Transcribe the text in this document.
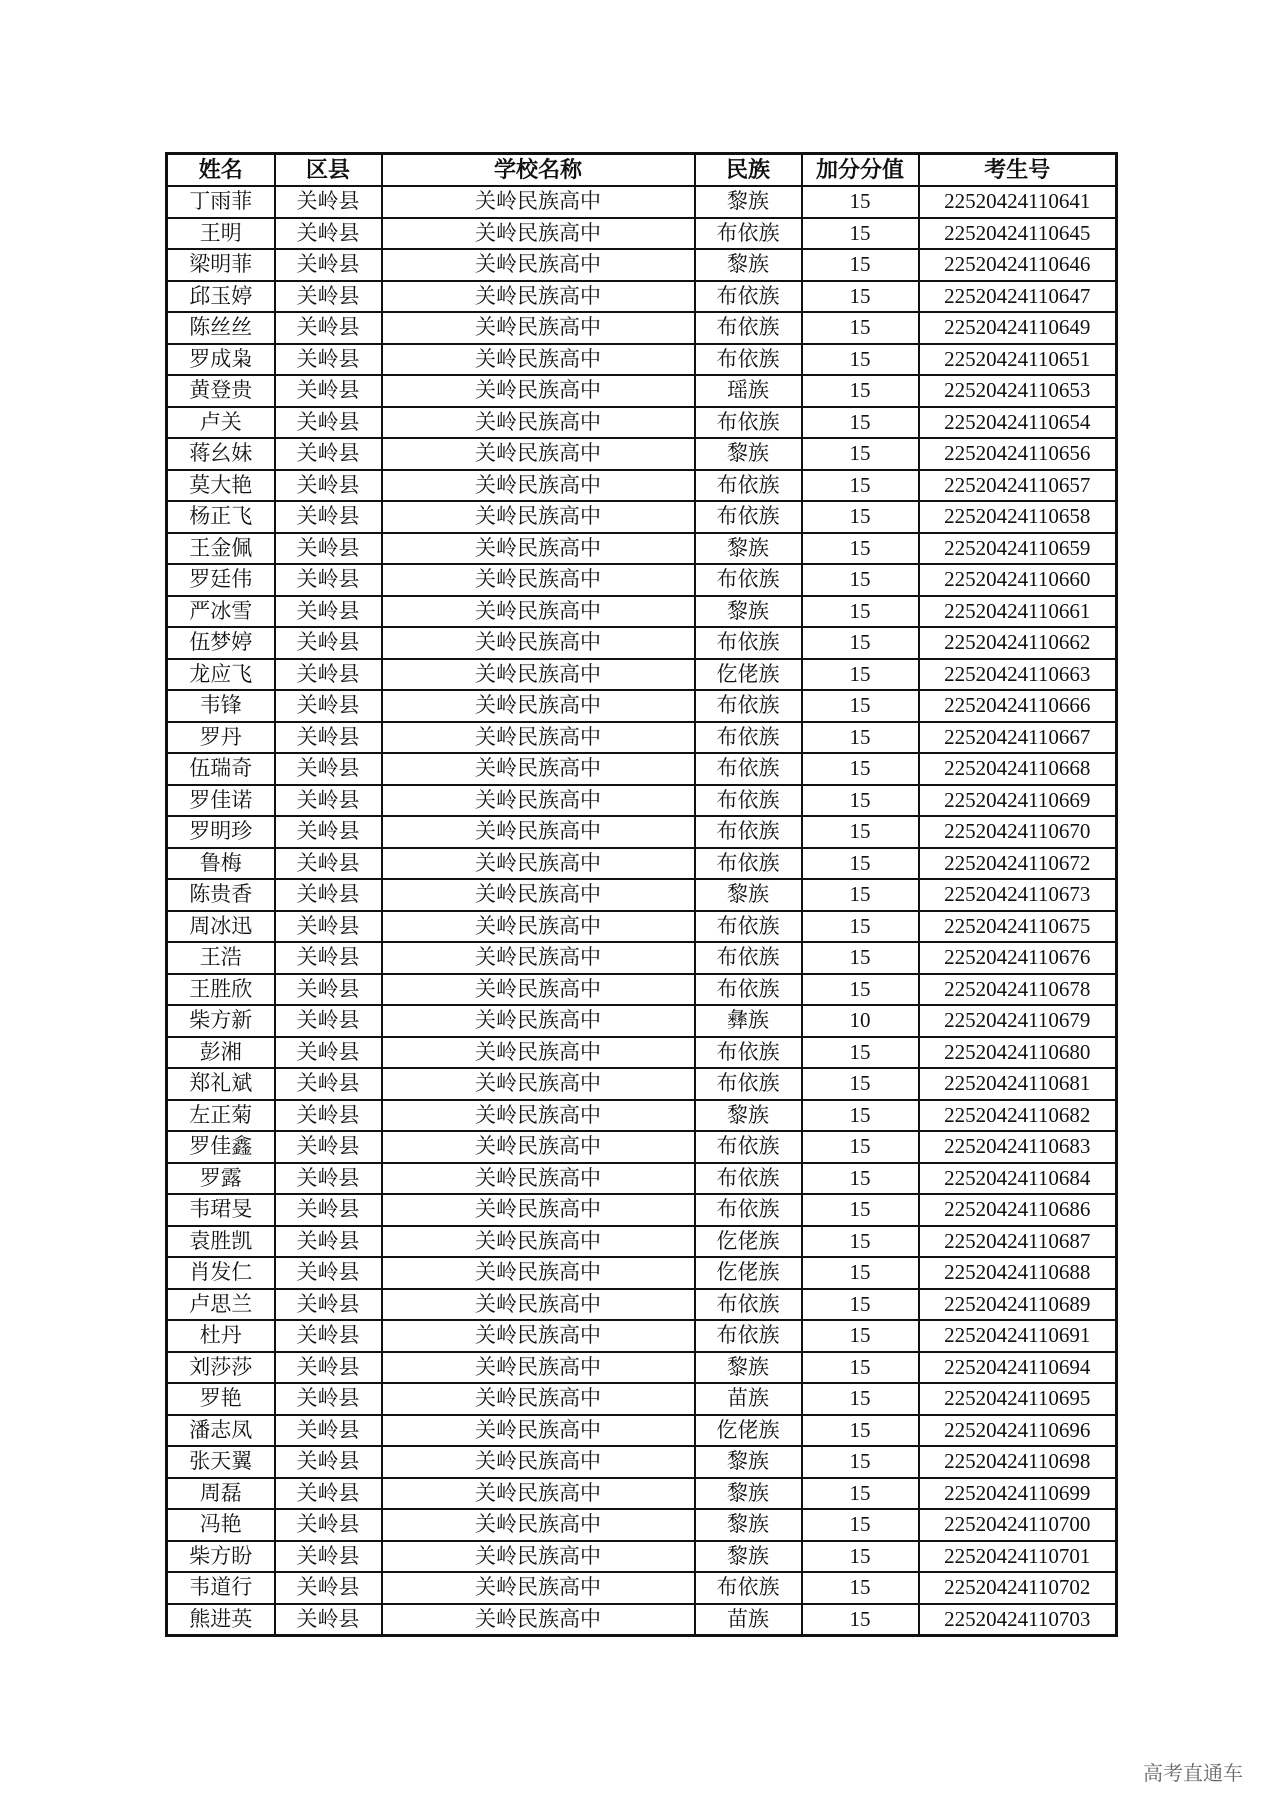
姓名	区县	学校名称	民族	加分分值	考生号
丁雨菲	关岭县	关岭民族高中	黎族	15	22520424110641
王明	关岭县	关岭民族高中	布依族	15	22520424110645
梁明菲	关岭县	关岭民族高中	黎族	15	22520424110646
邱玉婷	关岭县	关岭民族高中	布依族	15	22520424110647
陈丝丝	关岭县	关岭民族高中	布依族	15	22520424110649
罗成枭	关岭县	关岭民族高中	布依族	15	22520424110651
黄登贵	关岭县	关岭民族高中	瑶族	15	22520424110653
卢关	关岭县	关岭民族高中	布依族	15	22520424110654
蒋幺妹	关岭县	关岭民族高中	黎族	15	22520424110656
莫大艳	关岭县	关岭民族高中	布依族	15	22520424110657
杨正飞	关岭县	关岭民族高中	布依族	15	22520424110658
王金佩	关岭县	关岭民族高中	黎族	15	22520424110659
罗廷伟	关岭县	关岭民族高中	布依族	15	22520424110660
严冰雪	关岭县	关岭民族高中	黎族	15	22520424110661
伍梦婷	关岭县	关岭民族高中	布依族	15	22520424110662
龙应飞	关岭县	关岭民族高中	仡佬族	15	22520424110663
韦锋	关岭县	关岭民族高中	布依族	15	22520424110666
罗丹	关岭县	关岭民族高中	布依族	15	22520424110667
伍瑞奇	关岭县	关岭民族高中	布依族	15	22520424110668
罗佳诺	关岭县	关岭民族高中	布依族	15	22520424110669
罗明珍	关岭县	关岭民族高中	布依族	15	22520424110670
鲁梅	关岭县	关岭民族高中	布依族	15	22520424110672
陈贵香	关岭县	关岭民族高中	黎族	15	22520424110673
周冰迅	关岭县	关岭民族高中	布依族	15	22520424110675
王浩	关岭县	关岭民族高中	布依族	15	22520424110676
王胜欣	关岭县	关岭民族高中	布依族	15	22520424110678
柴方新	关岭县	关岭民族高中	彝族	10	22520424110679
彭湘	关岭县	关岭民族高中	布依族	15	22520424110680
郑礼斌	关岭县	关岭民族高中	布依族	15	22520424110681
左正菊	关岭县	关岭民族高中	黎族	15	22520424110682
罗佳鑫	关岭县	关岭民族高中	布依族	15	22520424110683
罗露	关岭县	关岭民族高中	布依族	15	22520424110684
韦珺旻	关岭县	关岭民族高中	布依族	15	22520424110686
袁胜凯	关岭县	关岭民族高中	仡佬族	15	22520424110687
肖发仁	关岭县	关岭民族高中	仡佬族	15	22520424110688
卢思兰	关岭县	关岭民族高中	布依族	15	22520424110689
杜丹	关岭县	关岭民族高中	布依族	15	22520424110691
刘莎莎	关岭县	关岭民族高中	黎族	15	22520424110694
罗艳	关岭县	关岭民族高中	苗族	15	22520424110695
潘志凤	关岭县	关岭民族高中	仡佬族	15	22520424110696
张天翼	关岭县	关岭民族高中	黎族	15	22520424110698
周磊	关岭县	关岭民族高中	黎族	15	22520424110699
冯艳	关岭县	关岭民族高中	黎族	15	22520424110700
柴方盼	关岭县	关岭民族高中	黎族	15	22520424110701
韦道行	关岭县	关岭民族高中	布依族	15	22520424110702
熊进英	关岭县	关岭民族高中	苗族	15	22520424110703
高考直通车
